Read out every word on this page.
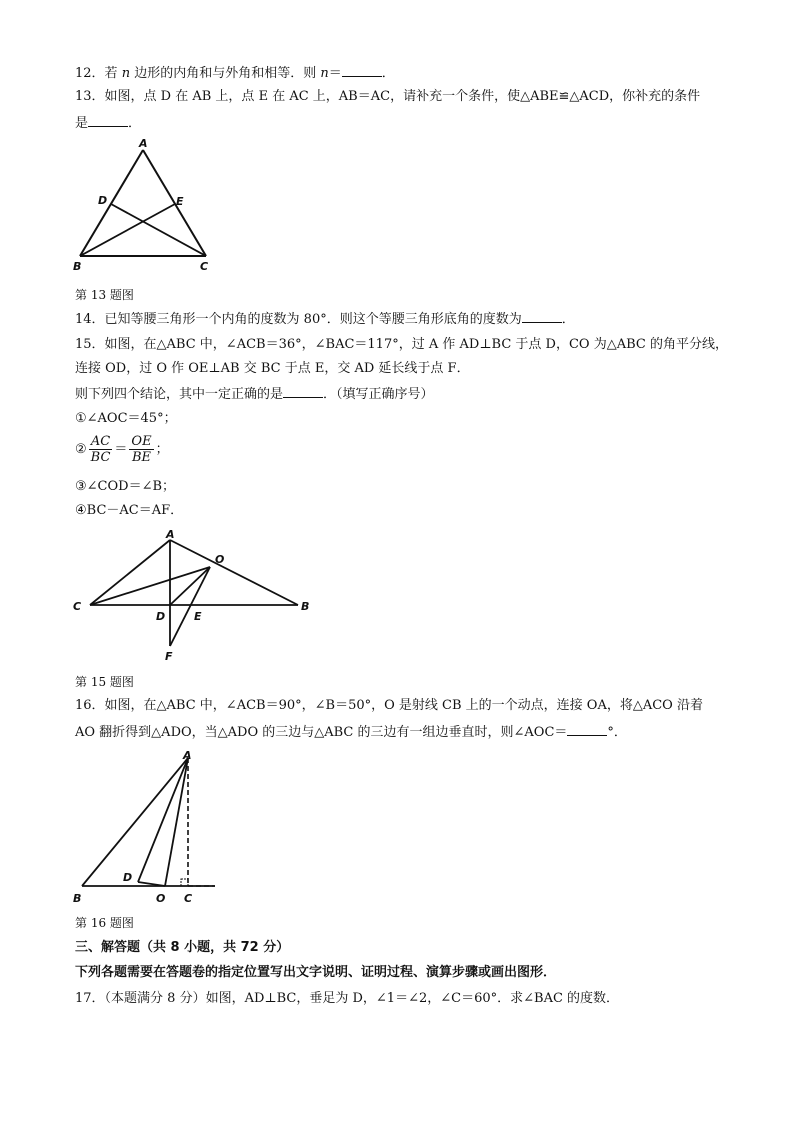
12．若 n 边形的内角和与外角和相等．则 n＝	．
13．如图，点 D 在 AB 上，点 E 在 AC 上，AB＝AC，请补充一个条件，使△ABE≌△ACD，你补充的条件
是	．
A
D	E
B	C
第 13 题图
14．已知等腰三角形一个内角的度数为 80°．则这个等腰三角形底角的度数为	．
15．如图，在△ABC 中，∠ACB＝36°，∠BAC＝117°，过 A 作 AD⊥BC 于点 D，CO 为△ABC 的角平分线，
连接 OD，过 O 作 OE⊥AB 交 BC 于点 E，交 AD 延长线于点 F．
则下列四个结论，其中一定正确的是	．（填写正确序号）
①∠AOC＝45°；
② $\frac{AC}{BC} = \frac{OE}{BE}$ ；
③∠COD＝∠B；
④BC－AC＝AF．
A
O
C
D	E
B
F
第 15 题图
16．如图，在△ABC 中，∠ACB＝90°，∠B＝50°，O 是射线 CB 上的一个动点，连接 OA，将△ACO 沿着
AO 翻折得到△ADO，当△ADO 的三边与△ABC 的三边有一组边垂直时，则∠AOC＝	°．
A
B
D
O C
第 16 题图
三、解答题（共 8 小题，共 72 分）
下列各题需要在答题卷的指定位置写出文字说明、证明过程、演算步骤或画出图形．
17．（本题满分 8 分）如图，AD⊥BC，垂足为 D，∠1＝∠2，∠C＝60°．求∠BAC 的度数．
